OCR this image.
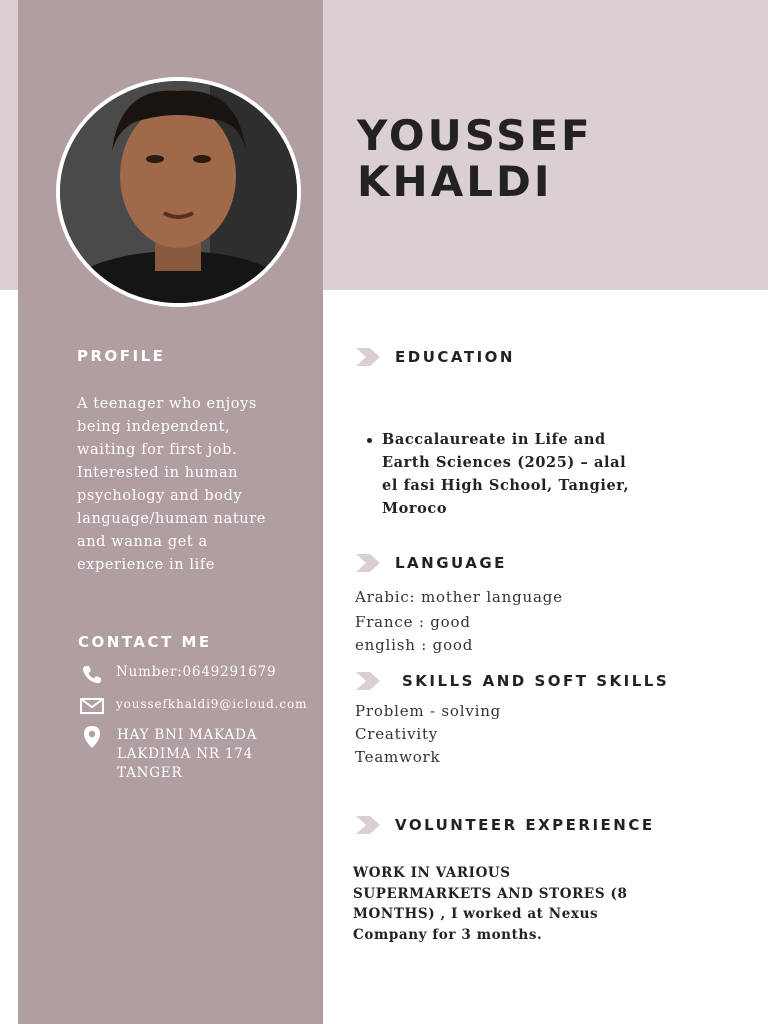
YOUSSEF
KHALDI
PROFILE
A teenager who enjoys being independent, waiting for first job. Interested in human psychology and body language/human nature and wanna get a experience in life
CONTACT ME
Number:0649291679
youssefkhaldi9@icloud.com
HAY BNI MAKADA
LAKDIMA NR 174
TANGER
EDUCATION
Baccalaureate in Life and Earth Sciences (2025) – alal el fasi High School, Tangier, Moroco
LANGUAGE
Arabic: mother language
France : good
english : good
SKILLS AND SOFT SKILLS
Problem - solving
Creativity
Teamwork
VOLUNTEER EXPERIENCE
WORK IN VARIOUS SUPERMARKETS AND STORES (8 MONTHS) , I worked at Nexus Company for 3 months.
